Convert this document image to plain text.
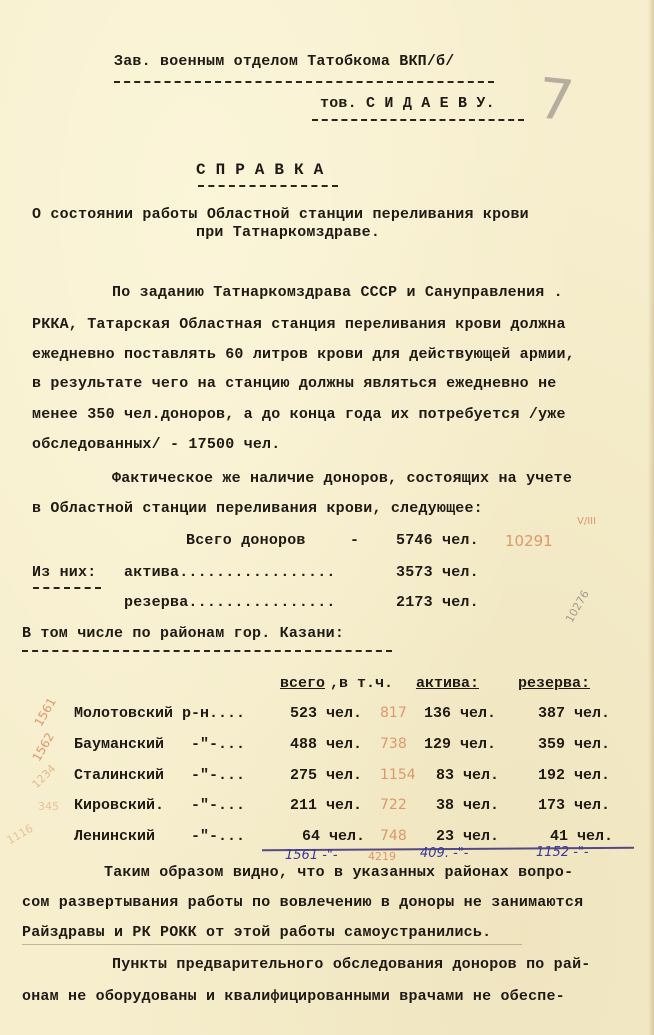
Зав. военным отделом Татобкома ВКП/б/
тов. С И Д А Е В У. 7
С П Р А В К А
О состоянии работы Областной станции переливания крови
при Татнаркомздраве.
По заданию Татнаркомздрава СССР и Сануправления .
РККА, Татарская Областная станция переливания крови должна
ежедневно поставлять 60 литров крови для действующей армии,
в результате чего на станцию должны являться ежедневно не
менее 350 чел.доноров, а до конца года их потребуется /уже
обследованных/ - 17500 чел.
Фактическое же наличие доноров, состоящих на учете
в Областной станции переливания крови, следующее:
Всего доноров	- 5746 чел. 10291
V/III
Из них: актива.................	3573 чел.
резерва................	2173 чел.	10276
В том числе по районам гор. Казани:
всего ,в т.ч. актива:	резерва:
Молотовский р-н....	523 чел. 817 136 чел.	387 чел.
Бауманский   -"-...	488 чел. 738 129 чел.	359 чел.
Сталинский   -"-...	275 чел. 1154 83 чел.	192 чел.
Кировский.   -"-...	211 чел. 722 38 чел.	173 чел.
Ленинский    -"-...	64 чел. 748 23 чел.	41 чел.
1561 -"-	4219 409. -"-	1152 -"-
1561
1562
1234
345
1116
Таким образом видно, что в указанных районах вопро-
сом развертывания работы по вовлечению в доноры не занимаются
Райздравы и РК РОКК от этой работы самоустранились.
Пункты предварительного обследования доноров по рай-
онам не оборудованы и квалифицированными врачами не обеспе-
